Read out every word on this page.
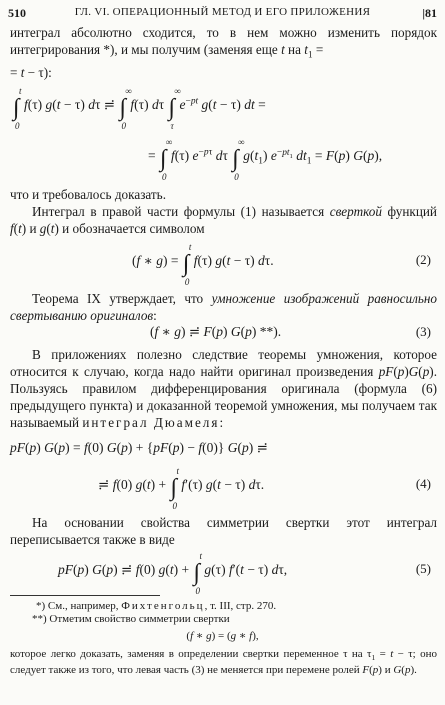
510	ГЛ. VI. ОПЕРАЦИОННЫЙ МЕТОД И ЕГО ПРИЛОЖЕНИЯ	|81
интеграл абсолютно сходится, то в нем можно изменить порядок интегрирования *), и мы получим (заменяя еще t на $t_1$ =
= t − τ):
∫
t
0
f(τ) g(t − τ) dτ ≓ ∫
∞
0
f(τ) dτ ∫
∞
τ
$e^{-pt}$ g(t − τ) dt =
= ∫
∞
0
f(τ) $e^{-p\tau}$ dτ ∫
∞
0
$g(t_1)$ $e^{-pt_1}$ $dt_1 = F(p)$ G(p),
что и требовалось доказать.
Интеграл в правой части формулы (1) называется сверткой функций f(t) и g(t) и обозначается символом
(f ∗ g) = ∫
t
0
f(τ) g(t − τ) dτ.	(2)
Теорема IX утверждает, что умножение изображений равносильно свертыванию оригиналов:
(f ∗ g) ≓ F(p) G(p) **).	(3)
В приложениях полезно следствие теоремы умножения, которое относится к случаю, когда надо найти оригинал произведения pF(p)G(p). Пользуясь правилом дифференцирования оригинала (формула (6) предыдущего пункта) и доказанной теоремой умножения, мы получаем так называемый интеграл Дюамеля:
pF(p) G(p) = f(0) G(p) + {pF(p) − f(0)} G(p) ≓
≓ f(0) g(t) + ∫
t
0
f′(τ) g(t − τ) dτ.	(4)
На основании свойства симметрии свертки этот интеграл переписывается также в виде
pF(p) G(p) ≓ f(0) g(t) + ∫
t
0
g(τ) f′(t − τ) dτ,	(5)
*) См., например, Фихтенгольц, т. III, стр. 270.
**) Отметим свойство симметрии свертки
(f ∗ g) = (g ∗ f),
которое легко доказать, заменяя в определении свертки переменное τ на $\tau_1 = t - \tau$; оно следует также из того, что левая часть (3) не меняется при перемене ролей F(p) и G(p).
